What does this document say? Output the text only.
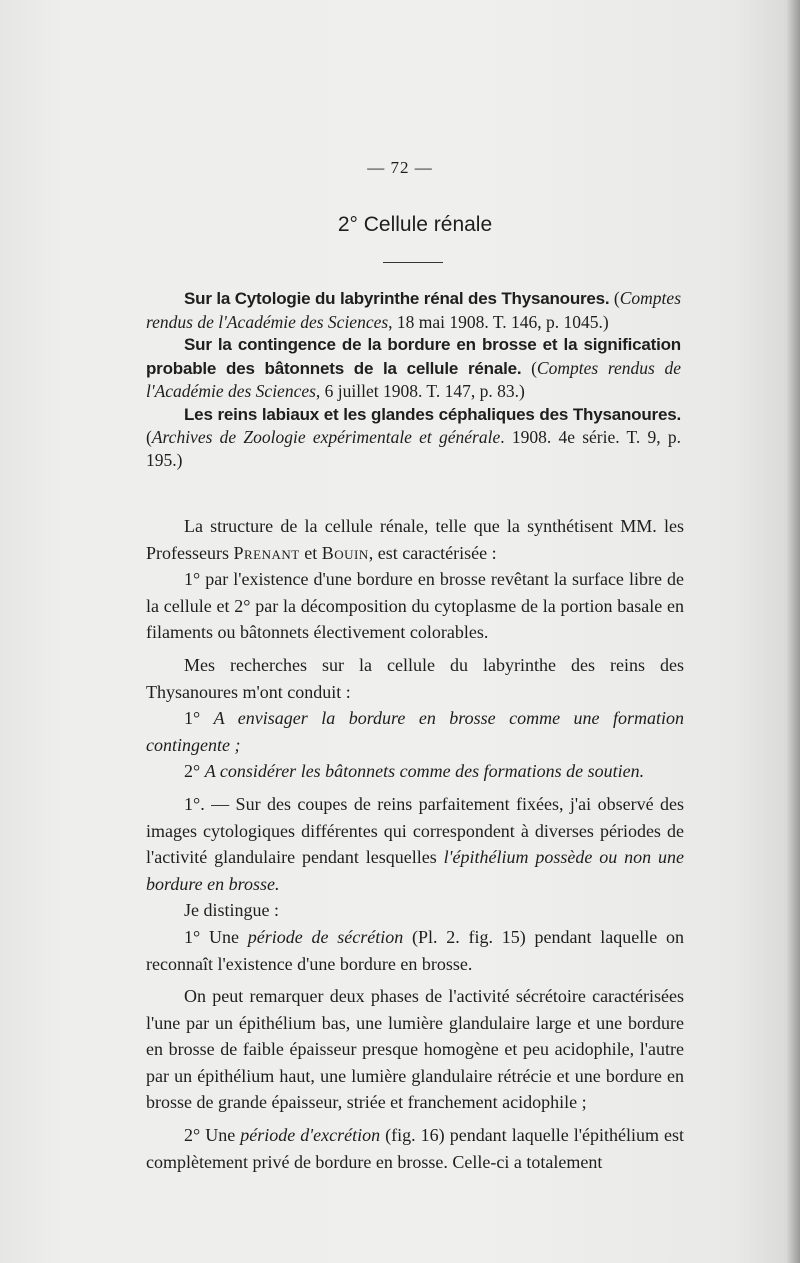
— 72 —
2° Cellule rénale
Sur la Cytologie du labyrinthe rénal des Thysanoures. (Comptes rendus de l'Académie des Sciences, 18 mai 1908. T. 146, p. 1045.)
Sur la contingence de la bordure en brosse et la signification probable des bâtonnets de la cellule rénale. (Comptes rendus de l'Académie des Sciences, 6 juillet 1908. T. 147, p. 83.)
Les reins labiaux et les glandes céphaliques des Thysanoures. (Archives de Zoologie expérimentale et générale. 1908. 4e série. T. 9, p. 195.)

La structure de la cellule rénale, telle que la synthétisent MM. les Professeurs Prenant et Bouin, est caractérisée :

1° par l'existence d'une bordure en brosse revêtant la surface libre de la cellule et 2° par la décomposition du cytoplasme de la portion basale en filaments ou bâtonnets électivement colorables.

Mes recherches sur la cellule du labyrinthe des reins des Thysanoures m'ont conduit :

1° A envisager la bordure en brosse comme une formation contingente ;

2° A considérer les bâtonnets comme des formations de soutien.

1°. — Sur des coupes de reins parfaitement fixées, j'ai observé des images cytologiques différentes qui correspondent à diverses périodes de l'activité glandulaire pendant lesquelles l'épithélium possède ou non une bordure en brosse.

Je distingue :

1° Une période de sécrétion (Pl. 2. fig. 15) pendant laquelle on reconnaît l'existence d'une bordure en brosse.

On peut remarquer deux phases de l'activité sécrétoire caractérisées l'une par un épithélium bas, une lumière glandulaire large et une bordure en brosse de faible épaisseur presque homogène et peu acidophile, l'autre par un épithélium haut, une lumière glandulaire rétrécie et une bordure en brosse de grande épaisseur, striée et franchement acidophile ;

2° Une période d'excrétion (fig. 16) pendant laquelle l'épithélium est complètement privé de bordure en brosse. Celle-ci a totalement
